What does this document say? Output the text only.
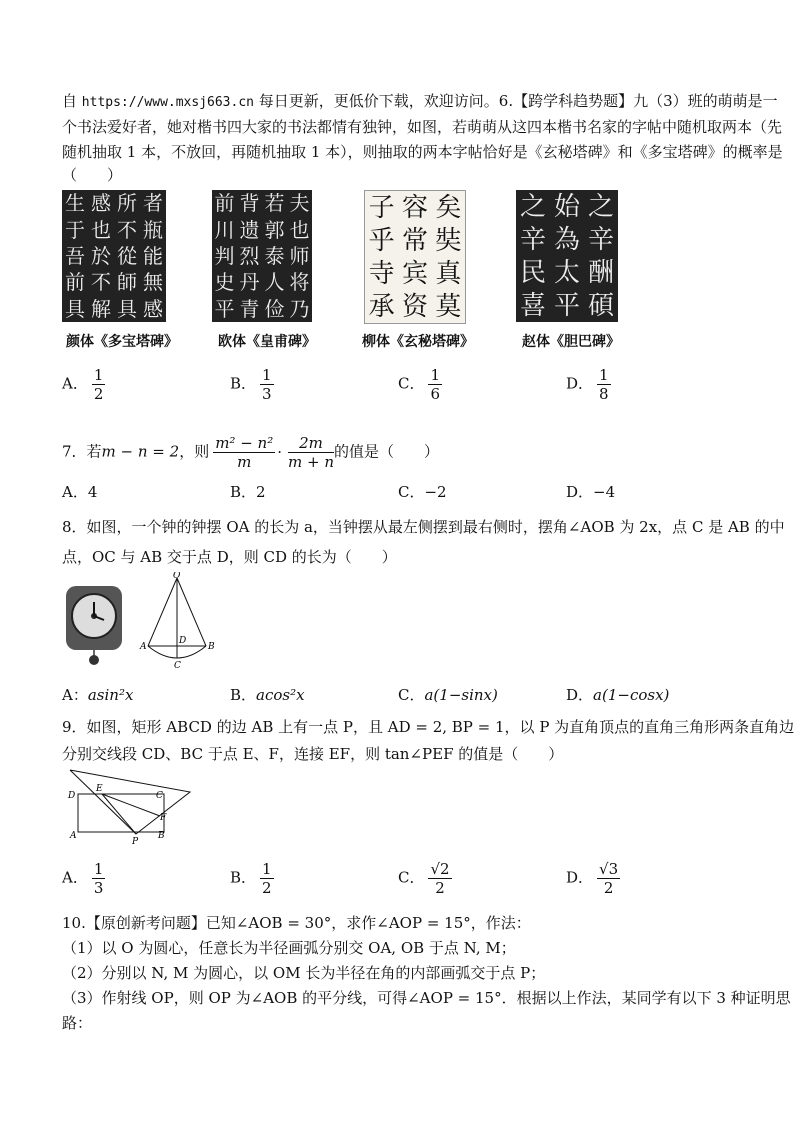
自 https://www.mxsj663.cn 每日更新，更低价下载，欢迎访问。6.【跨学科趋势题】九（3）班的萌萌是一
个书法爱好者，她对楷书四大家的书法都情有独钟，如图，若萌萌从这四本楷书名家的字帖中随机取两本（先
随机抽取 1 本，不放回，再随机抽取 1 本），则抽取的两本字帖恰好是《玄秘塔碑》和《多宝塔碑》的概率是
（　　）
生 感 所 者
于 也 不 瓶
吾 於 從 能
前 不 師 無
具 解 具 感
前 背 若 夫
川 遗 郭 也
判 烈 泰 师
史 丹 人 将
平 青 俭 乃
子 容 矣
乎 常 奘
寺 宾 真
承 资 莫
之 始 之
辛 為 辛
民 太 酬
喜 平 碩
颜体《多宝塔碑》	欧体《皇甫碑》	柳体《玄秘塔碑》	赵体《胆巴碑》
A． $\frac{1}{2}$	B． $\frac{1}{3}$	C． $\frac{1}{6}$	D． $\frac{1}{8}$
7．若m − n = 2，则 $\frac{\text{m² − n²}}{m} \cdot \frac{2m}{m + n}$ 的值是（　　）
A．4	B．2	C．−2	D．−4
8．如图，一个钟的钟摆 OA 的长为 a，当钟摆从最左侧摆到最右侧时，摆角∠AOB 为 2x，点 C 是 AB 的中
点，OC 与 AB 交于点 D，则 CD 的长为（　　）
O
A	B
D
C
A：asin²x	B．acos²x	C．a(1−sinx)	D．a(1−cosx)
9．如图，矩形 ABCD 的边 AB 上有一点 P，且 AD = 2, BP = 1，以 P 为直角顶点的直角三角形两条直角边
分别交线段 CD、BC 于点 E、F，连接 EF，则 tan∠PEF 的值是（　　）
D
E
C
F
A
P
B
A． $\frac{1}{3}$	B． $\frac{1}{2}$	C． $\frac{√2}{2}$	D． $\frac{√3}{2}$
10.【原创新考问题】已知∠AOB = 30°，求作∠AOP = 15°，作法：
（1）以 O 为圆心，任意长为半径画弧分别交 OA, OB 于点 N, M；
（2）分别以 N, M 为圆心，以 OM 长为半径在角的内部画弧交于点 P；
（3）作射线 OP，则 OP 为∠AOB 的平分线，可得∠AOP = 15°．根据以上作法，某同学有以下 3 种证明思
路：
